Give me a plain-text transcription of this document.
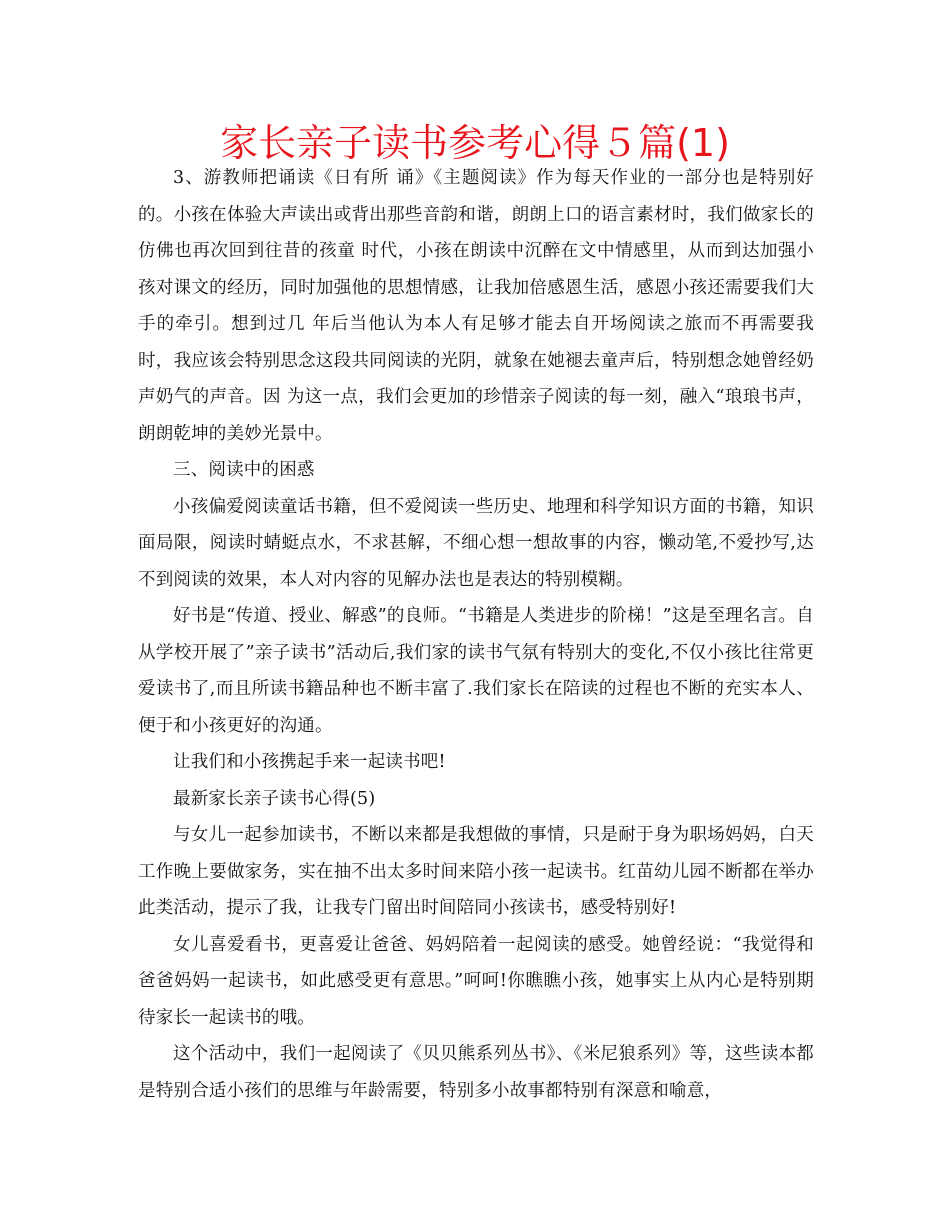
家长亲子读书参考心得５篇(1)

3、游教师把诵读《日有所 诵》《主题阅读》作为每天作业的一部分也是特别好的。小孩在体验大声读出或背出那些音韵和谐，朗朗上口的语言素材时，我们做家长的仿佛也再次回到往昔的孩童 时代，小孩在朗读中沉醉在文中情感里，从而到达加强小孩对课文的经历，同时加强他的思想情感，让我加倍感恩生活，感恩小孩还需要我们大手的牵引。想到过几 年后当他认为本人有足够才能去自开场阅读之旅而不再需要我时，我应该会特别思念这段共同阅读的光阴，就象在她褪去童声后，特别想念她曾经奶声奶气的声音。因 为这一点，我们会更加的珍惜亲子阅读的每一刻，融入“琅琅书声，朗朗乾坤的美妙光景中。

三、阅读中的困惑

小孩偏爱阅读童话书籍，但不爱阅读一些历史、地理和科学知识方面的书籍，知识面局限，阅读时蜻蜓点水，不求甚解，不细心想一想故事的内容，懒动笔,不爱抄写,达不到阅读的效果，本人对内容的见解办法也是表达的特别模糊。

好书是“传道、授业、解惑”的良师。“书籍是人类进步的阶梯！”这是至理名言。自从学校开展了”亲子读书”活动后,我们家的读书气氛有特别大的变化,不仅小孩比往常更爱读书了,而且所读书籍品种也不断丰富了.我们家长在陪读的过程也不断的充实本人、便于和小孩更好的沟通。

让我们和小孩携起手来一起读书吧!

最新家长亲子读书心得(5)

与女儿一起参加读书，不断以来都是我想做的事情，只是耐于身为职场妈妈，白天工作晚上要做家务，实在抽不出太多时间来陪小孩一起读书。红苗幼儿园不断都在举办此类活动，提示了我，让我专门留出时间陪同小孩读书，感受特别好!

女儿喜爱看书，更喜爱让爸爸、妈妈陪着一起阅读的感受。她曾经说：“我觉得和爸爸妈妈一起读书，如此感受更有意思。”呵呵!你瞧瞧小孩，她事实上从内心是特别期待家长一起读书的哦。

这个活动中，我们一起阅读了《贝贝熊系列丛书》、《米尼狼系列》等，这些读本都是特别合适小孩们的思维与年龄需要，特别多小故事都特别有深意和喻意，
